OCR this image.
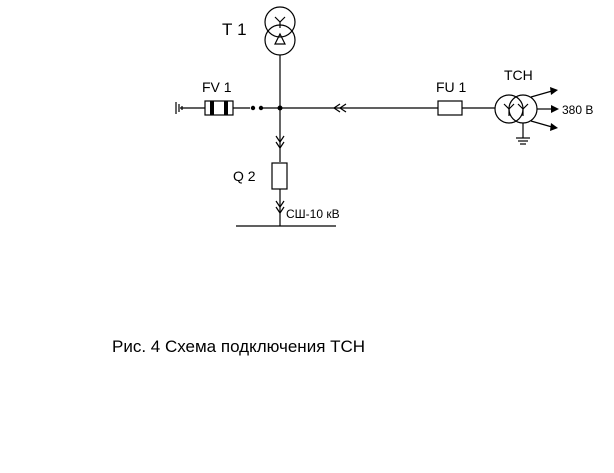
Т 1
FV 1	FU 1
ТСН
380 В
Q 2
СШ-10 кВ
Рис. 4 Схема подключения ТСН
